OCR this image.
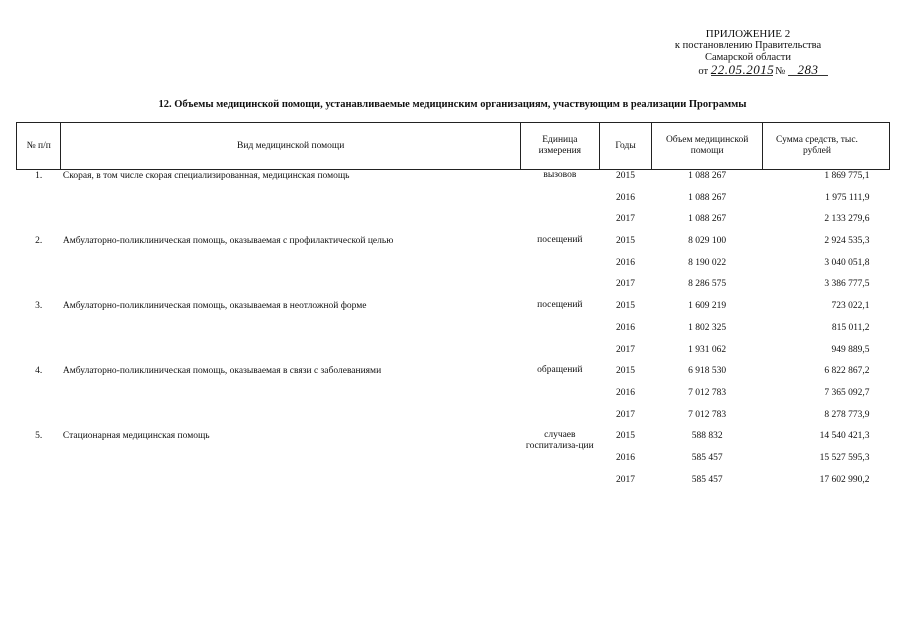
ПРИЛОЖЕНИЕ 2
к постановлению Правительства
Самарской области
от 22.05.2015 № 283
12. Объемы медицинской помощи, устанавливаемые медицинским организациям, участвующим в реализации Программы
№ п/п	Вид медицинской помощи	Единица измерения	Годы	Объем медицинской помощи	Сумма средств, тыс. рублей
1.	Скорая, в том числе скорая специализированная, медицинская помощь	вызовов	2015	1 088 267	1 869 775,1
			2016	1 088 267	1 975 111,9
			2017	1 088 267	2 133 279,6
2.	Амбулаторно-поликлиническая помощь, оказываемая с профилактической целью	посещений	2015	8 029 100	2 924 535,3
			2016	8 190 022	3 040 051,8
			2017	8 286 575	3 386 777,5
3.	Амбулаторно-поликлиническая помощь, оказываемая в неотложной форме	посещений	2015	1 609 219	723 022,1
			2016	1 802 325	815 011,2
			2017	1 931 062	949 889,5
4.	Амбулаторно-поликлиническая помощь, оказываемая в связи с заболеваниями	обращений	2015	6 918 530	6 822 867,2
			2016	7 012 783	7 365 092,7
			2017	7 012 783	8 278 773,9
5.	Стационарная медицинская помощь	случаев госпитализа-ции	2015	588 832	14 540 421,3
			2016	585 457	15 527 595,3
			2017	585 457	17 602 990,2
